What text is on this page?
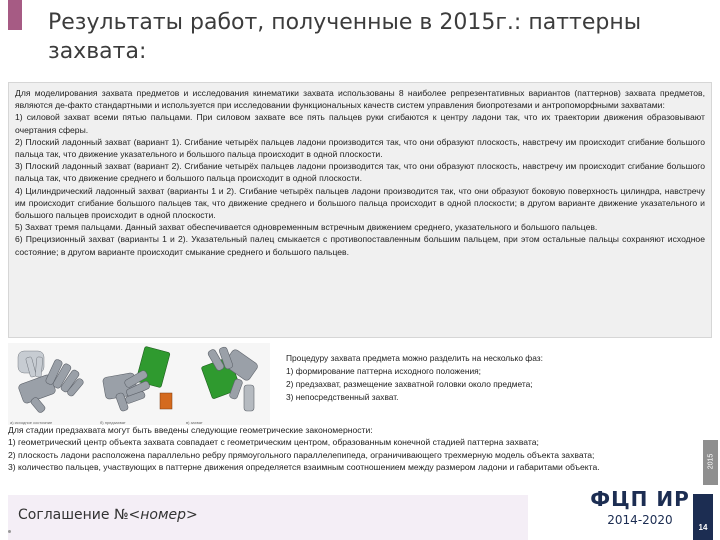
Результаты работ, полученные в 2015г.: паттерны захвата:

Для моделирования захвата предметов и исследования кинематики захвата использованы 8 наиболее репрезентативных вариантов (паттернов) захвата предметов, являются де-факто стандартными и используется при исследовании функциональных качеств систем управления биопротезами и антропоморфными захватами:

1) силовой захват всеми пятью пальцами. При силовом захвате все пять пальцев руки сгибаются к центру ладони так, что их траектории движения образовывают очертания сферы.

2) Плоский ладонный захват (вариант 1). Сгибание четырёх пальцев ладони производится так, что они образуют плоскость, навстречу им происходит сгибание большого пальца так, что движение указательного и большого пальца происходит в одной плоскости.

3) Плоский ладонный захват (вариант 2). Сгибание четырёх пальцев ладони производится так, что они образуют плоскость, навстречу им происходит сгибание большого пальца так, что движение среднего и большого пальца происходит в одной плоскости.

4) Цилиндрический ладонный захват (варианты 1 и 2). Сгибание четырёх пальцев ладони производится так, что они образуют боковую поверхность цилиндра, навстречу им происходит сгибание большого пальцев так, что движение среднего и большого пальца происходит в одной плоскости; в другом варианте движение указательного и большого пальцев происходит в одной плоскости.

5) Захват тремя пальцами. Данный захват обеспечивается одновременным встречным движением среднего, указательного и большого пальцев.

6) Прецизионный захват (варианты 1 и 2). Указательный палец смыкается с противопоставленным большим пальцем, при этом остальные пальцы сохраняют исходное состояние; в другом варианте происходит смыкание среднего и большого пальцев.

a) исходное состояние	б) предзахват	в) захват
Процедуру захвата предмета можно разделить на несколько фаз:
1) формирование паттерна исходного положения;
2) предзахват, размещение захватной головки около предмета;
3) непосредственный захват.
Для стадии предзахвата могут быть введены следующие геометрические закономерности:
1) геометрический центр объекта захвата совпадает с геометрическим центром, образованным конечной стадией паттерна захвата;
2) плоскость ладони расположена параллельно ребру прямоугольного параллелепипеда, ограничивающего трехмерную модель объекта захвата;
3) количество пальцев, участвующих в паттерне движения определяется взаимным соотношением между размером ладони и габаритами объекта.	2015
Соглашение №<номер>
ФЦП ИР
2014-2020
14
